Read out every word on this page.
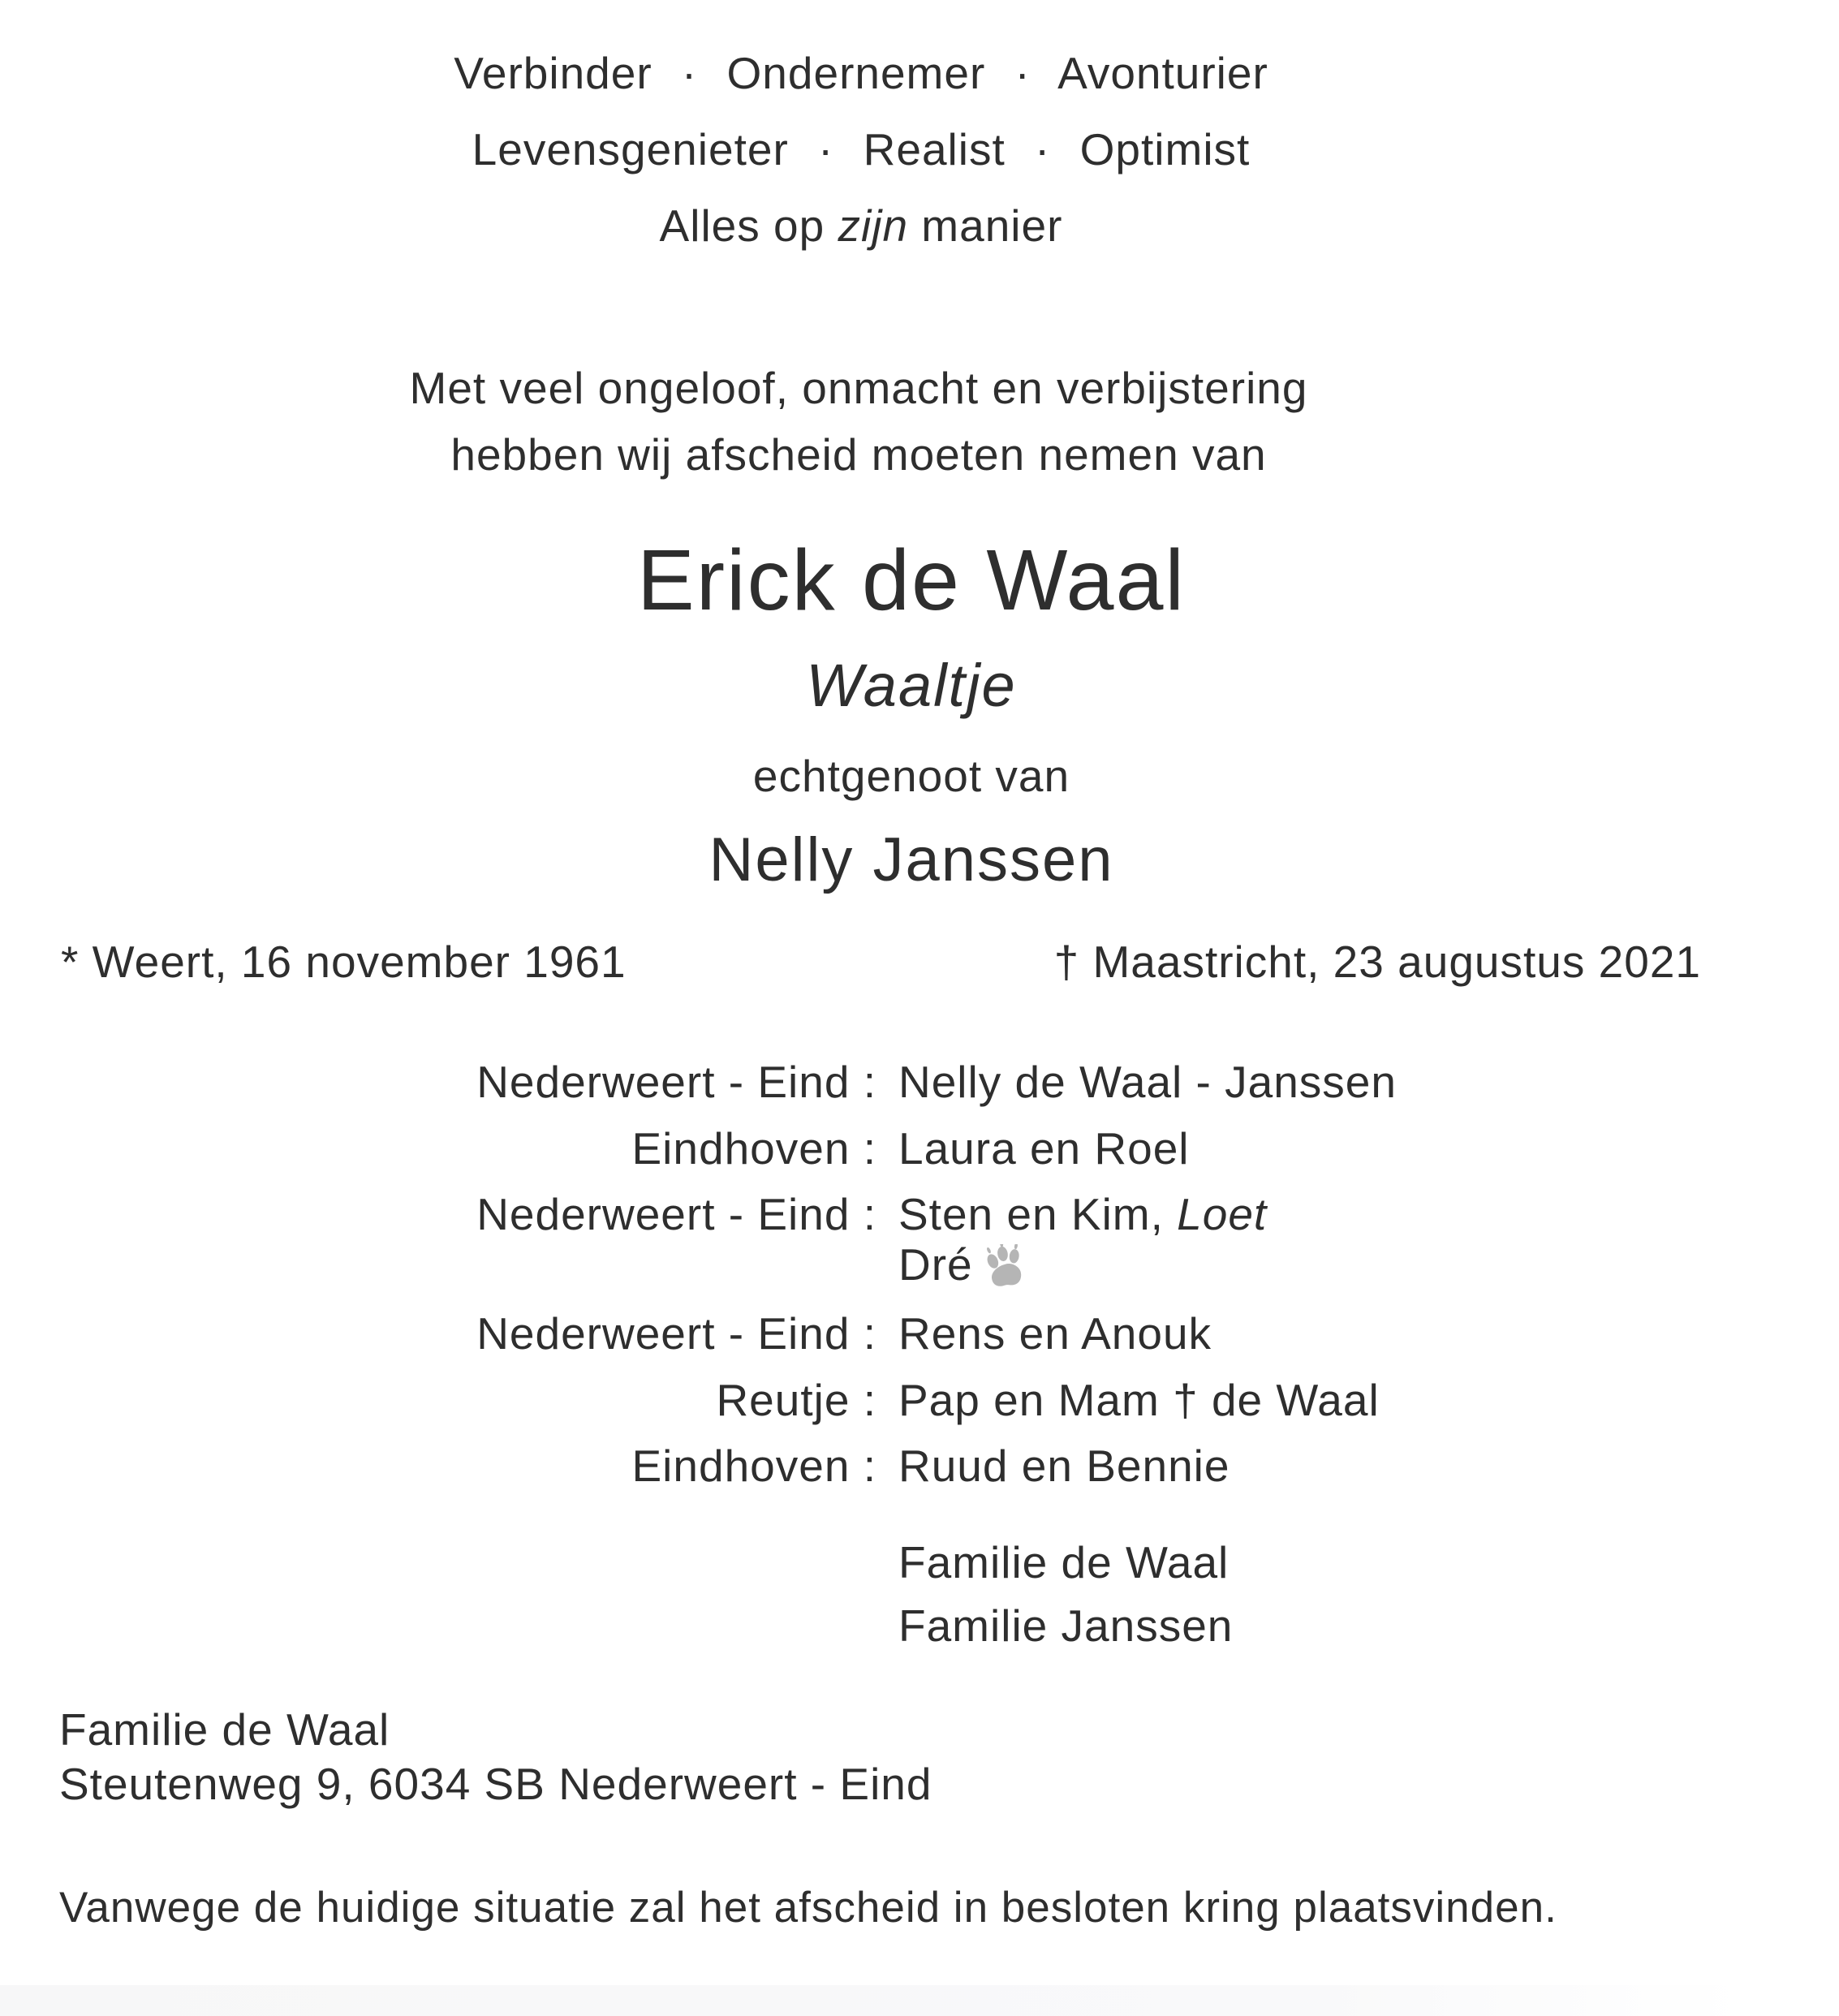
Verbinder · Ondernemer · Avonturier
Levensgenieter · Realist · Optimist
Alles op zijn manier
Met veel ongeloof, onmacht en verbijstering
hebben wij afscheid moeten nemen van
Erick de Waal
Waaltje
echtgenoot van
Nelly Janssen
* Weert, 16 november 1961	† Maastricht, 23 augustus 2021
Nederweert - Eind : Nelly de Waal - Janssen
Eindhoven : Laura en Roel
Nederweert - Eind : Sten en Kim, Loet
Dré
Nederweert - Eind : Rens en Anouk
Reutje : Pap en Mam † de Waal
Eindhoven : Ruud en Bennie
Familie de Waal
Familie Janssen
Familie de Waal
Steutenweg 9, 6034 SB Nederweert - Eind
Vanwege de huidige situatie zal het afscheid in besloten kring plaatsvinden.
